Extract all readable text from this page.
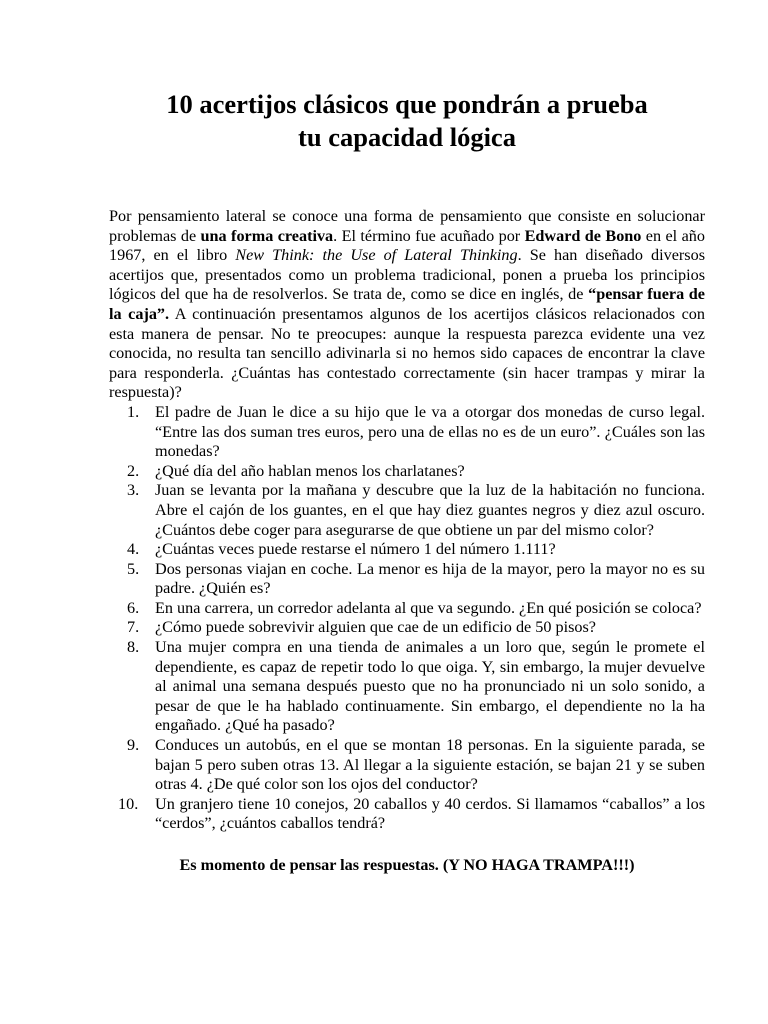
10 acertijos clásicos que pondrán a prueba
tu capacidad lógica

Por pensamiento lateral se conoce una forma de pensamiento que consiste en solucionar problemas de una forma creativa. El término fue acuñado por Edward de Bono en el año 1967, en el libro New Think: the Use of Lateral Thinking. Se han diseñado diversos acertijos que, presentados como un problema tradicional, ponen a prueba los principios lógicos del que ha de resolverlos. Se trata de, como se dice en inglés, de “pensar fuera de la caja”. A continuación presentamos algunos de los acertijos clásicos relacionados con esta manera de pensar. No te preocupes: aunque la respuesta parezca evidente una vez conocida, no resulta tan sencillo adivinarla si no hemos sido capaces de encontrar la clave para responderla. ¿Cuántas has contestado correctamente (sin hacer trampas y mirar la respuesta)?

1. El padre de Juan le dice a su hijo que le va a otorgar dos monedas de curso legal. “Entre las dos suman tres euros, pero una de ellas no es de un euro”. ¿Cuáles son las monedas?
2. ¿Qué día del año hablan menos los charlatanes?
3. Juan se levanta por la mañana y descubre que la luz de la habitación no funciona. Abre el cajón de los guantes, en el que hay diez guantes negros y diez azul oscuro. ¿Cuántos debe coger para asegurarse de que obtiene un par del mismo color?
4. ¿Cuántas veces puede restarse el número 1 del número 1.111?
5. Dos personas viajan en coche. La menor es hija de la mayor, pero la mayor no es su padre. ¿Quién es?
6. En una carrera, un corredor adelanta al que va segundo. ¿En qué posición se coloca?
7. ¿Cómo puede sobrevivir alguien que cae de un edificio de 50 pisos?
8. Una mujer compra en una tienda de animales a un loro que, según le promete el dependiente, es capaz de repetir todo lo que oiga. Y, sin embargo, la mujer devuelve al animal una semana después puesto que no ha pronunciado ni un solo sonido, a pesar de que le ha hablado continuamente. Sin embargo, el dependiente no la ha engañado. ¿Qué ha pasado?
9. Conduces un autobús, en el que se montan 18 personas. En la siguiente parada, se bajan 5 pero suben otras 13. Al llegar a la siguiente estación, se bajan 21 y se suben otras 4. ¿De qué color son los ojos del conductor?
10. Un granjero tiene 10 conejos, 20 caballos y 40 cerdos. Si llamamos “caballos” a los “cerdos”, ¿cuántos caballos tendrá?

Es momento de pensar las respuestas. (Y NO HAGA TRAMPA!!!)
